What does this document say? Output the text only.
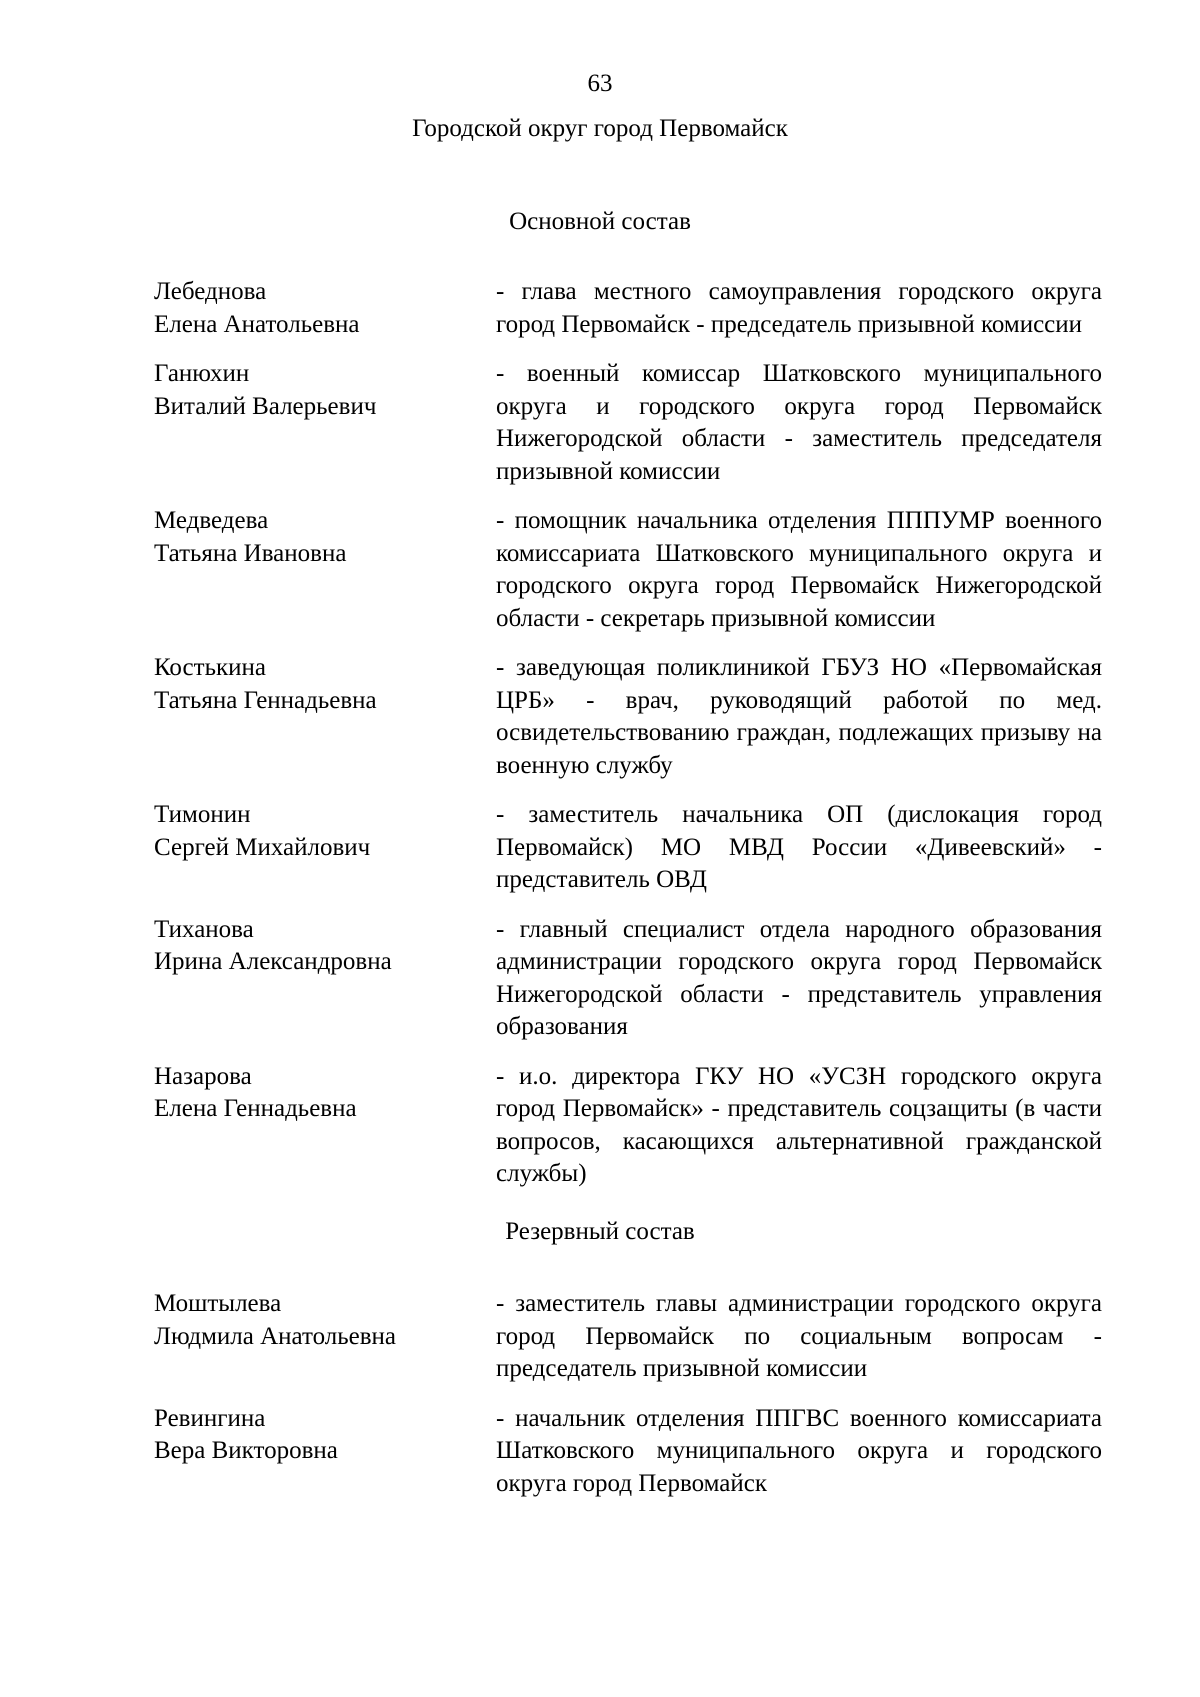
63
Городской округ город Первомайск
Основной состав
Лебеднова
Елена Анатольевна
- глава местного самоуправления городского округа город Первомайск - председатель призывной комиссии
Ганюхин
Виталий Валерьевич
- военный комиссар Шатковского муниципального округа и городского округа город Первомайск Нижегородской области - заместитель председателя призывной комиссии
Медведева
Татьяна Ивановна
- помощник начальника отделения ПППУМР военного комиссариата Шатковского муниципального округа и городского округа город Первомайск Нижегородской области - секретарь призывной комиссии
Костькина
Татьяна Геннадьевна
- заведующая поликлиникой ГБУЗ НО «Первомайская ЦРБ» - врач, руководящий работой по мед. освидетельствованию граждан, подлежащих призыву на военную службу
Тимонин
Сергей Михайлович
- заместитель начальника ОП (дислокация город Первомайск) МО МВД России «Дивеевский» - представитель ОВД
Тиханова
Ирина Александровна
- главный специалист отдела народного образования администрации городского округа город Первомайск Нижегородской области - представитель управления образования
Назарова
Елена Геннадьевна
- и.о. директора ГКУ НО «УСЗН городского округа город Первомайск» - представитель соцзащиты (в части вопросов, касающихся альтернативной гражданской службы)
Резервный состав
Моштылева
Людмила Анатольевна
- заместитель главы администрации городского округа город Первомайск по социальным вопросам - председатель призывной комиссии
Ревингина
Вера Викторовна
- начальник отделения ППГВС военного комиссариата Шатковского муниципального округа и городского округа город Первомайск
